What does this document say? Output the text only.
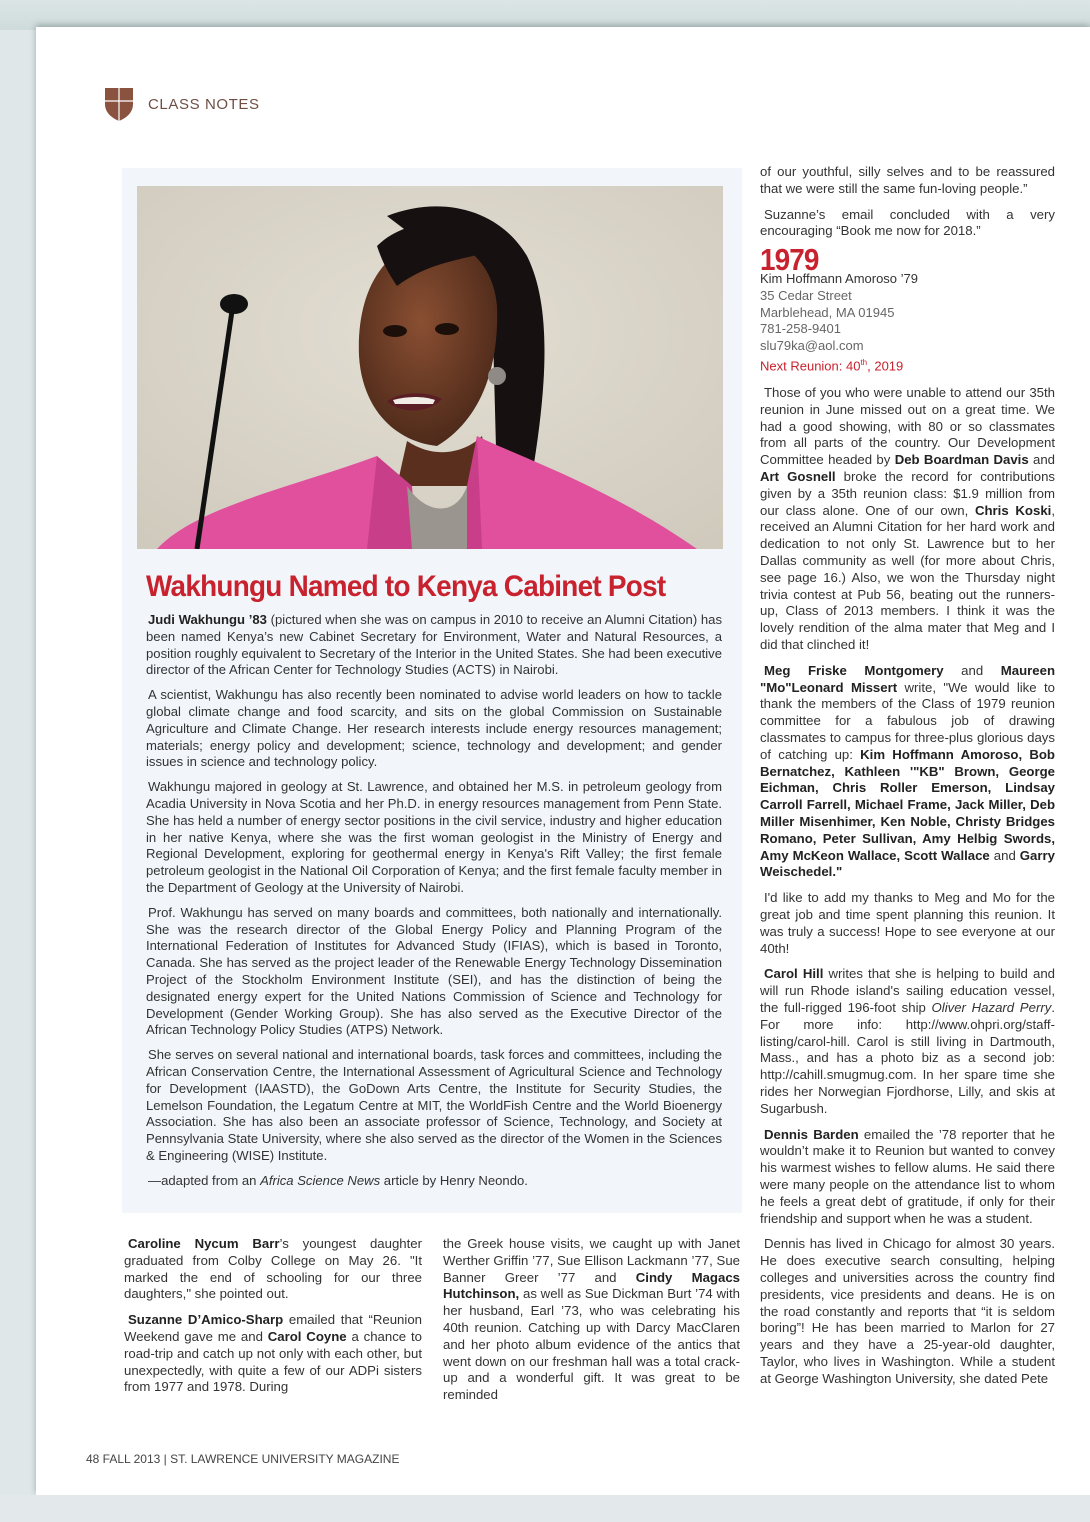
CLASS NOTES
Wakhungu Named to Kenya Cabinet Post

Judi Wakhungu ’83 (pictured when she was on campus in 2010 to receive an Alumni Citation) has been named Kenya’s new Cabinet Secretary for Environment, Water and Natural Resources, a position roughly equivalent to Secretary of the Interior in the United States. She had been executive director of the African Center for Technology Studies (ACTS) in Nairobi.

A scientist, Wakhungu has also recently been nominated to advise world leaders on how to tackle global climate change and food scarcity, and sits on the global Commission on Sustainable Agriculture and Climate Change. Her research interests include energy resources management; materials; energy policy and development; science, technology and development; and gender issues in science and technology policy.

Wakhungu majored in geology at St. Lawrence, and obtained her M.S. in petroleum geology from Acadia University in Nova Scotia and her Ph.D. in energy resources management from Penn State. She has held a number of energy sector positions in the civil service, industry and higher education in her native Kenya, where she was the first woman geologist in the Ministry of Energy and Regional Development, exploring for geothermal energy in Kenya's Rift Valley; the first female petroleum geologist in the National Oil Corporation of Kenya; and the first female faculty member in the Department of Geology at the University of Nairobi.

Prof. Wakhungu has served on many boards and committees, both nationally and internationally. She was the research director of the Global Energy Policy and Planning Program of the International Federation of Institutes for Advanced Study (IFIAS), which is based in Toronto, Canada. She has served as the project leader of the Renewable Energy Technology Dissemination Project of the Stockholm Environment Institute (SEI), and has the distinction of being the designated energy expert for the United Nations Commission of Science and Technology for Development (Gender Working Group). She has also served as the Executive Director of the African Technology Policy Studies (ATPS) Network.

She serves on several national and international boards, task forces and committees, including the African Conservation Centre, the International Assessment of Agricultural Science and Technology for Development (IAASTD), the GoDown Arts Centre, the Institute for Security Studies, the Lemelson Foundation, the Legatum Centre at MIT, the WorldFish Centre and the World Bioenergy Association. She has also been an associate professor of Science, Technology, and Society at Pennsylvania State University, where she also served as the director of the Women in the Sciences & Engineering (WISE) Institute.

—adapted from an Africa Science News article by Henry Neondo.

Caroline Nycum Barr’s youngest daughter graduated from Colby College on May 26. "It marked the end of schooling for our three daughters," she pointed out.

Suzanne D’Amico-Sharp emailed that “Reunion Weekend gave me and Carol Coyne a chance to road-trip and catch up not only with each other, but unexpectedly, with quite a few of our ADPi sisters from 1977 and 1978. During

the Greek house visits, we caught up with Janet Werther Griffin ’77, Sue Ellison Lackmann ’77, Sue Banner Greer ’77 and Cindy Magacs Hutchinson, as well as Sue Dickman Burt ’74 with her husband, Earl ’73, who was celebrating his 40th reunion. Catching up with Darcy MacClaren and her photo album evidence of the antics that went down on our freshman hall was a total crack-up and a wonderful gift. It was great to be reminded

of our youthful, silly selves and to be reassured that we were still the same fun-loving people.”

Suzanne’s email concluded with a very encouraging “Book me now for 2018.”

1979
Kim Hoffmann Amoroso ’79
35 Cedar Street
Marblehead, MA 01945
781-258-9401
slu79ka@aol.com
Next Reunion: 40th, 2019

Those of you who were unable to attend our 35th reunion in June missed out on a great time. We had a good showing, with 80 or so classmates from all parts of the country. Our Development Committee headed by Deb Boardman Davis and Art Gosnell broke the record for contributions given by a 35th reunion class: $1.9 million from our class alone. One of our own, Chris Koski, received an Alumni Citation for her hard work and dedication to not only St. Lawrence but to her Dallas community as well (for more about Chris, see page 16.) Also, we won the Thursday night trivia contest at Pub 56, beating out the runners-up, Class of 2013 members. I think it was the lovely rendition of the alma mater that Meg and I did that clinched it!

Meg Friske Montgomery and Maureen "Mo"Leonard Missert write, "We would like to thank the members of the Class of 1979 reunion committee for a fabulous job of drawing classmates to campus for three-plus glorious days of catching up: Kim Hoffmann Amoroso, Bob Bernatchez, Kathleen '"KB" Brown, George Eichman, Chris Roller Emerson, Lindsay Carroll Farrell, Michael Frame, Jack Miller, Deb Miller Misenhimer, Ken Noble, Christy Bridges Romano, Peter Sullivan, Amy Helbig Swords, Amy McKeon Wallace, Scott Wallace and Garry Weischedel."

I'd like to add my thanks to Meg and Mo for the great job and time spent planning this reunion. It was truly a success! Hope to see everyone at our 40th!

Carol Hill writes that she is helping to build and will run Rhode island's sailing education vessel, the full-rigged 196-foot ship Oliver Hazard Perry. For more info: http://www.ohpri.org/staff-listing/carol-hill. Carol is still living in Dartmouth, Mass., and has a photo biz as a second job: http://cahill.smugmug.com. In her spare time she rides her Norwegian Fjordhorse, Lilly, and skis at Sugarbush.

Dennis Barden emailed the ’78 reporter that he wouldn’t make it to Reunion but wanted to convey his warmest wishes to fellow alums. He said there were many people on the attendance list to whom he feels a great debt of gratitude, if only for their friendship and support when he was a student.

Dennis has lived in Chicago for almost 30 years. He does executive search consulting, helping colleges and universities across the country find presidents, vice presidents and deans. He is on the road constantly and reports that “it is seldom boring”! He has been married to Marlon for 27 years and they have a 25-year-old daughter, Taylor, who lives in Washington. While a student at George Washington University, she dated Pete

48 FALL 2013 | ST. LAWRENCE UNIVERSITY MAGAZINE
